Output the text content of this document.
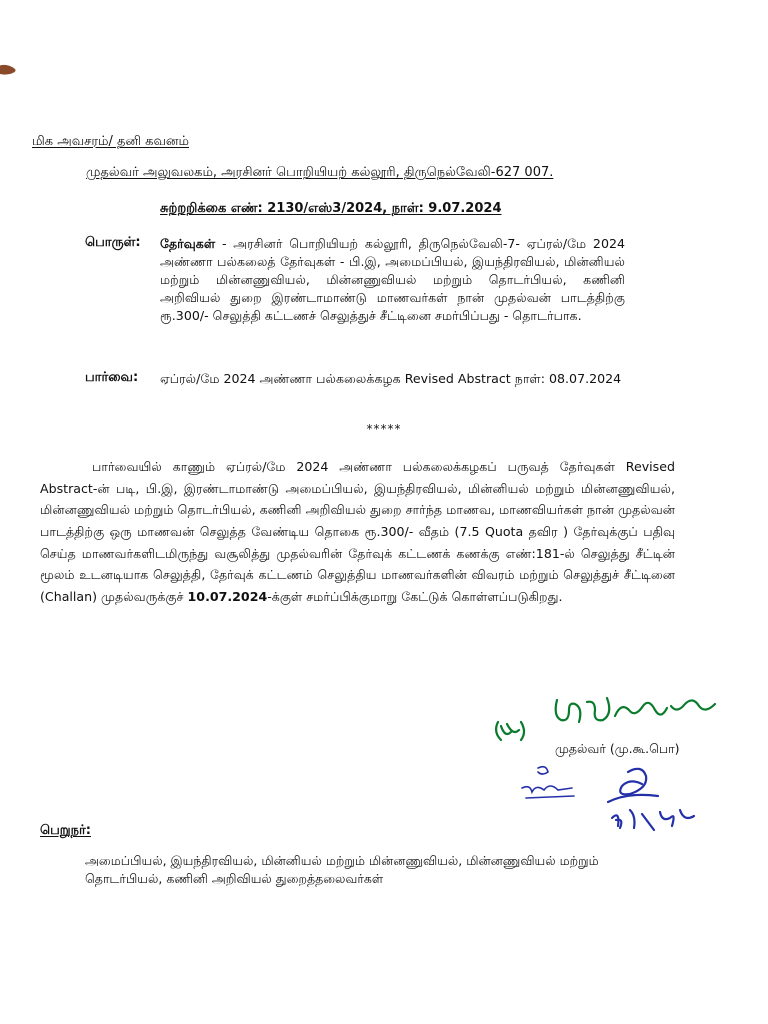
மிக அவசரம்/ தனி கவனம்
முதல்வர் அலுவலகம், அரசினர் பொறியியற் கல்லூரி, திருநெல்வேலி-627 007.
சுற்றறிக்கை எண்: 2130/எஸ்3/2024, நாள்: 9.07.2024
பொருள்: தேர்வுகள் - அரசினர் பொறியியற் கல்லூரி, திருநெல்வேலி-7- ஏப்ரல்/மே 2024 அண்ணா பல்கலைத் தேர்வுகள் - பி.இ, அமைப்பியல், இயந்திரவியல், மின்னியல் மற்றும் மின்னணுவியல், மின்னணுவியல் மற்றும் தொடர்பியல், கணினி அறிவியல் துறை இரண்டாமாண்டு மாணவர்கள் நான் முதல்வன் பாடத்திற்கு ரூ.300/- செலுத்தி கட்டணச் செலுத்துச் சீட்டினை சமர்பிப்பது - தொடர்பாக.
பார்வை: ஏப்ரல்/மே 2024 அண்ணா பல்கலைக்கழக Revised Abstract நாள்: 08.07.2024
*****
பார்வையில் காணும் ஏப்ரல்/மே 2024 அண்ணா பல்கலைக்கழகப் பருவத் தேர்வுகள் Revised Abstract-ன் படி, பி.இ, இரண்டாமாண்டு அமைப்பியல், இயந்திரவியல், மின்னியல் மற்றும் மின்னணுவியல், மின்னணுவியல் மற்றும் தொடர்பியல், கணினி அறிவியல் துறை சார்ந்த மாணவ, மாணவியர்கள் நான் முதல்வன் பாடத்திற்கு ஒரு மாணவன் செலுத்த வேண்டிய தொகை ரூ.300/- வீதம் (7.5 Quota தவிர ) தேர்வுக்குப் பதிவு செய்த மாணவர்களிடமிருந்து வசூலித்து முதல்வரின் தேர்வுக் கட்டணக் கணக்கு எண்:181-ல் செலுத்து சீட்டின் மூலம் உடனடியாக செலுத்தி, தேர்வுக் கட்டணம் செலுத்திய மாணவர்களின் விவரம் மற்றும் செலுத்துச் சீட்டினை (Challan) முதல்வருக்குச் 10.07.2024-க்குள் சமர்ப்பிக்குமாறு கேட்டுக் கொள்ளப்படுகிறது.
முதல்வர் (மு.கூ.பொ)
பெறுநர்:
அமைப்பியல், இயந்திரவியல், மின்னியல் மற்றும் மின்னணுவியல், மின்னணுவியல் மற்றும் தொடர்பியல், கணினி அறிவியல் துறைத்தலைவர்கள்
